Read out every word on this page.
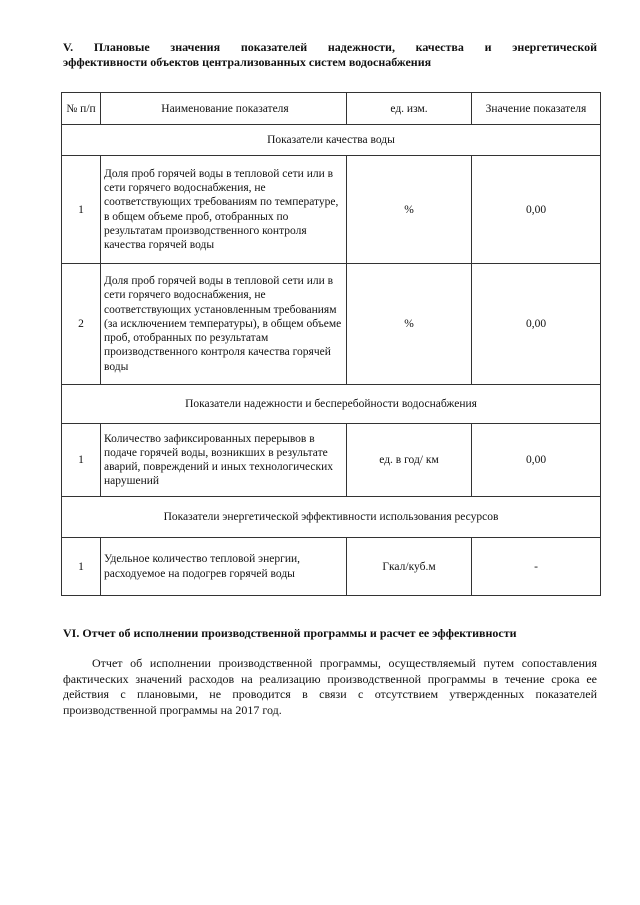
V. Плановые значения показателей надежности, качества и энергетической
эффективности объектов централизованных систем водоснабжения
№ п/п	Наименование показателя	ед. изм.	Значение показателя
Показатели качества воды			
1	Доля проб горячей воды в тепловой сети или в сети горячего водоснабжения, не соответствующих требованиям по температуре, в общем объеме проб, отобранных по результатам производственного контроля качества горячей воды	%	0,00
2	Доля проб горячей воды в тепловой сети или в сети горячего водоснабжения, не соответствующих установленным требованиям (за исключением температуры), в общем объеме проб, отобранных по результатам производственного контроля качества горячей воды	%	0,00
Показатели надежности и бесперебойности водоснабжения			
1	Количество зафиксированных перерывов в подаче горячей воды, возникших в результате аварий, повреждений и иных технологических нарушений	ед. в год/ км	0,00
Показатели энергетической эффективности использования ресурсов			
1	Удельное количество тепловой энергии, расходуемое на подогрев горячей воды	Гкал/куб.м	-
VI. Отчет об исполнении производственной программы и расчет ее эффективности
Отчет об исполнении производственной программы, осуществляемый путем сопоставления фактических значений расходов на реализацию производственной программы в течение срока ее действия с плановыми, не проводится в связи с отсутствием утвержденных показателей производственной программы на 2017 год.
